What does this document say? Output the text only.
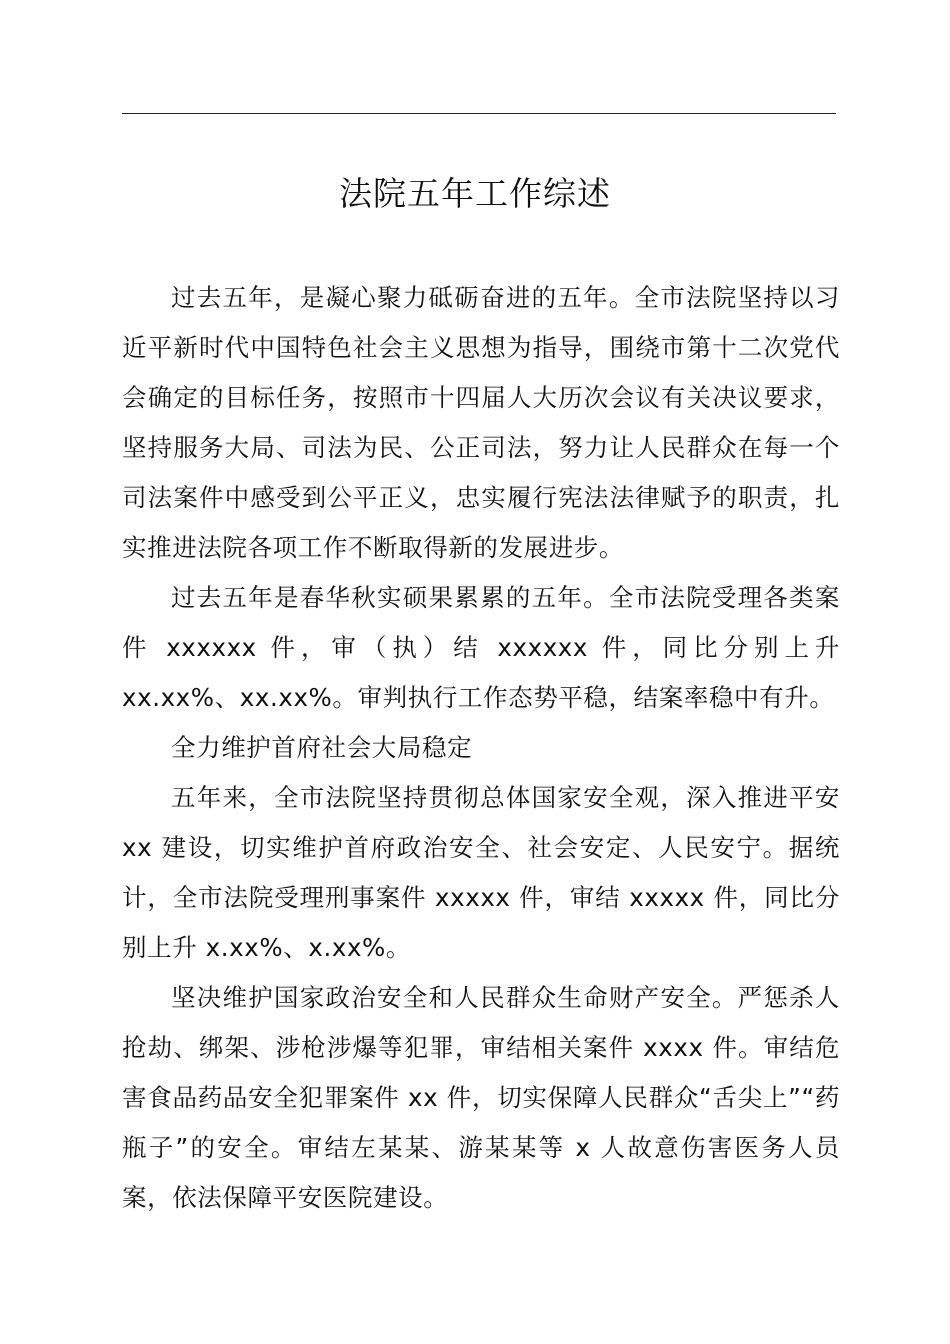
法院五年工作综述

过去五年，是凝心聚力砥砺奋进的五年。全市法院坚持以习近平新时代中国特色社会主义思想为指导，围绕市第十二次党代会确定的目标任务，按照市十四届人大历次会议有关决议要求，坚持服务大局、司法为民、公正司法，努力让人民群众在每一个司法案件中感受到公平正义，忠实履行宪法法律赋予的职责，扎实推进法院各项工作不断取得新的发展进步。

过去五年是春华秋实硕果累累的五年。全市法院受理各类案件 xxxxxx 件，审（执）结 xxxxxx 件，同比分别上升 xx.xx%、xx.xx%。审判执行工作态势平稳，结案率稳中有升。

全力维护首府社会大局稳定

五年来，全市法院坚持贯彻总体国家安全观，深入推进平安 xx 建设，切实维护首府政治安全、社会安定、人民安宁。据统计，全市法院受理刑事案件 xxxxx 件，审结 xxxxx 件，同比分别上升 x.xx%、x.xx%。

坚决维护国家政治安全和人民群众生命财产安全。严惩杀人抢劫、绑架、涉枪涉爆等犯罪，审结相关案件 xxxx 件。审结危害食品药品安全犯罪案件 xx 件，切实保障人民群众“舌尖上”“药瓶子”的安全。审结左某某、游某某等 x 人故意伤害医务人员案，依法保障平安医院建设。
